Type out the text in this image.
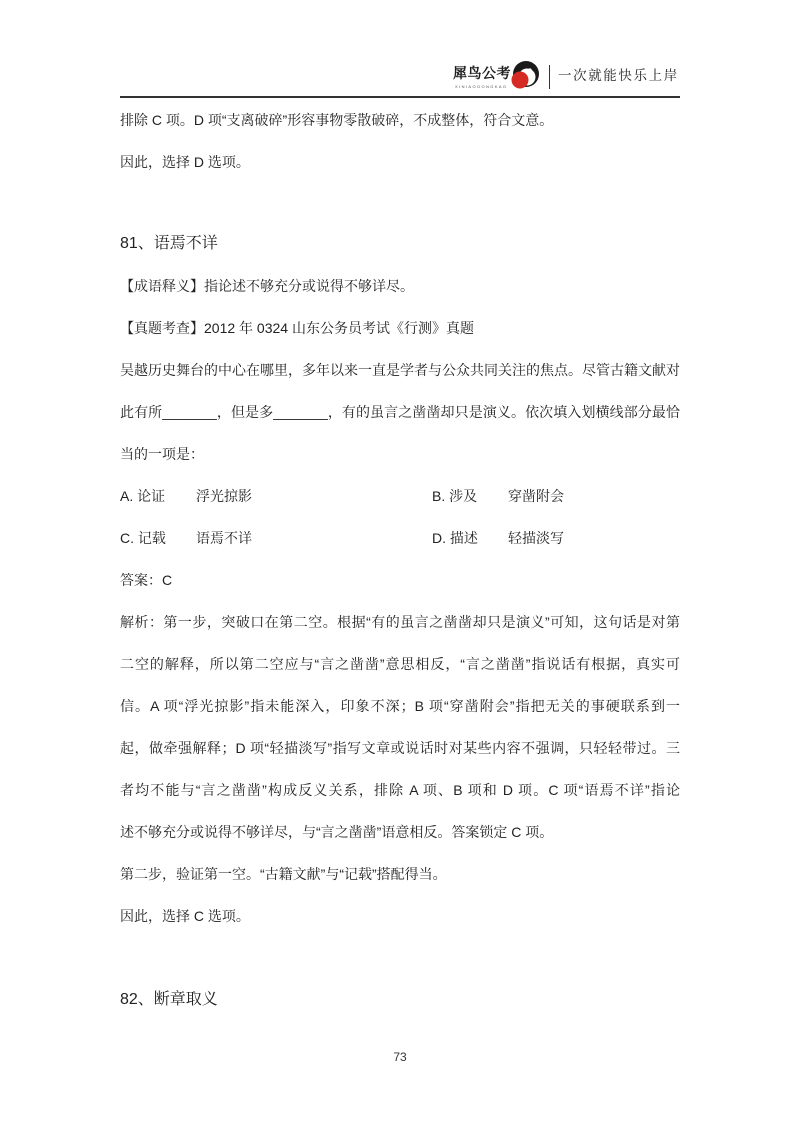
犀鸟公考
XINIAOGONGKAO
一次就能快乐上岸
排除 C 项。D 项“支离破碎”形容事物零散破碎，不成整体，符合文意。
因此，选择 D 选项。
81、语焉不详
【成语释义】指论述不够充分或说得不够详尽。
【真题考查】2012 年 0324 山东公务员考试《行测》真题
吴越历史舞台的中心在哪里，多年以来一直是学者与公众共同关注的焦点。尽管古籍文献对
此有所_______，但是多_______，有的虽言之凿凿却只是演义。依次填入划横线部分最恰
当的一项是：
A. 论证 浮光掠影	B. 涉及 穿凿附会
C. 记载 语焉不详	D. 描述 轻描淡写
答案：C
解析：第一步，突破口在第二空。根据“有的虽言之凿凿却只是演义”可知，这句话是对第
二空的解释，所以第二空应与“言之凿凿”意思相反，“言之凿凿”指说话有根据，真实可
信。A 项“浮光掠影”指未能深入，印象不深；B 项“穿凿附会”指把无关的事硬联系到一
起，做牵强解释；D 项“轻描淡写”指写文章或说话时对某些内容不强调，只轻轻带过。三
者均不能与“言之凿凿”构成反义关系，排除 A 项、B 项和 D 项。C 项“语焉不详”指论
述不够充分或说得不够详尽，与“言之凿凿”语意相反。答案锁定 C 项。
第二步，验证第一空。“古籍文献”与“记载”搭配得当。
因此，选择 C 选项。
82、断章取义
73
